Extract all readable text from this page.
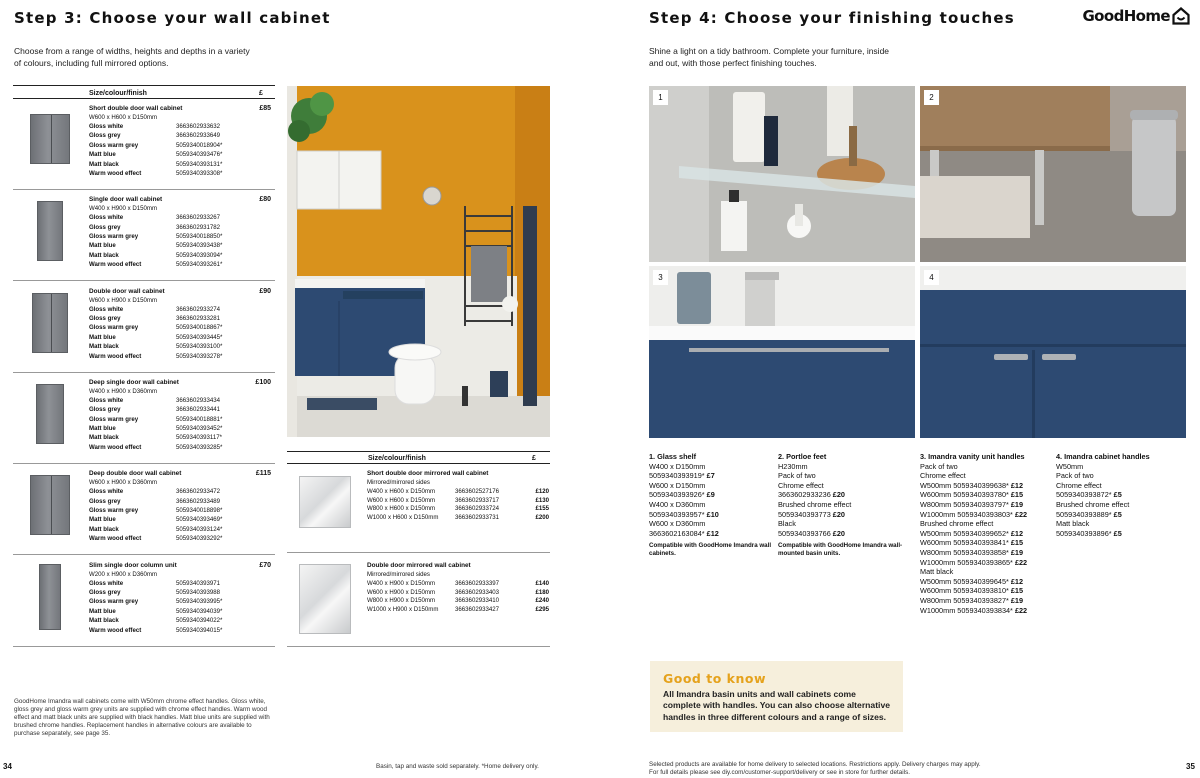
Step 3: Choose your wall cabinet
Choose from a range of widths, heights and depths in a variety of colours, including full mirrored options.
Size/colour/finish	£
Short double door wall cabinet
W600 x H600 x D150mm
£85
Gloss white	3663602933632
Gloss grey	3663602933649
Gloss warm grey	5059340018904*
Matt blue	5059340393476*
Matt black	5059340393131*
Warm wood effect	5059340393308*
Single door wall cabinet
W400 x H900 x D150mm
£80
Gloss white	3663602933267
Gloss grey	3663602931782
Gloss warm grey	5059340018850*
Matt blue	5059340393438*
Matt black	5059340393094*
Warm wood effect	5059340393261*
Double door wall cabinet
W600 x H900 x D150mm
£90
Gloss white	3663602933274
Gloss grey	3663602933281
Gloss warm grey	5059340018867*
Matt blue	5059340393445*
Matt black	5059340393100*
Warm wood effect	5059340393278*
Deep single door wall cabinet
W400 x H900 x D360mm
£100
Gloss white	3663602933434
Gloss grey	3663602933441
Gloss warm grey	5059340018881*
Matt blue	5059340393452*
Matt black	5059340393117*
Warm wood effect	5059340393285*
Deep double door wall cabinet
W600 x H900 x D360mm
£115
Gloss white	3663602933472
Gloss grey	3663602933489
Gloss warm grey	5059340018898*
Matt blue	5059340393469*
Matt black	5059340393124*
Warm wood effect	5059340393292*
Slim single door column unit
W200 x H900 x D360mm
£70
Gloss white	5059340393971
Gloss grey	5059340393988
Gloss warm grey	5059340393995*
Matt blue	5059340394039*
Matt black	5059340394022*
Warm wood effect	5059340394015*
Size/colour/finish	£
Short double door mirrored wall cabinet
Mirrored/mirrored sides
W400 x H600 x D150mm	3663602527176	£120
W600 x H600 x D150mm	3663602933717	£130
W800 x H600 x D150mm	3663602933724	£155
W1000 x H600 x D150mm	3663602933731	£200
Double door mirrored wall cabinet
Mirrored/mirrored sides
W400 x H900 x D150mm	3663602933397	£140
W600 x H900 x D150mm	3663602933403	£180
W800 x H900 x D150mm	3663602933410	£240
W1000 x H900 x D150mm	3663602933427	£295
GoodHome Imandra wall cabinets come with W50mm chrome effect handles. Gloss white, gloss grey and gloss warm grey units are supplied with chrome effect handles. Warm wood effect and matt black units are supplied with black handles. Matt blue units are supplied with brushed chrome handles. Replacement handles in alternative colours are available to purchase separately, see page 35.
34	Basin, tap and waste sold separately. *Home delivery only.
Step 4: Choose your finishing touches	GoodHome
Shine a light on a tidy bathroom. Complete your furniture, inside and out, with those perfect finishing touches.
1	2
3	4
1. Glass shelf
W400 x D150mm
5059340393919* £7
W600 x D150mm
5059340393926* £9
W400 x D360mm
5059340393957* £10
W600 x D360mm
3663602163084* £12
Compatible with GoodHome Imandra wall cabinets.
2. Portloe feet
H230mm
Pack of two
Chrome effect
3663602933236 £20
Brushed chrome effect
5059340393773 £20
Black
5059340393766 £20
Compatible with GoodHome Imandra wall-mounted basin units.
3. Imandra vanity unit handles
Pack of two
Chrome effect
W500mm 5059340399638* £12
W600mm 5059340393780* £15
W800mm 5059340393797* £19
W1000mm 5059340393803* £22
Brushed chrome effect
W500mm 5059340399652* £12
W600mm 5059340393841* £15
W800mm 5059340393858* £19
W1000mm 5059340393865* £22
Matt black
W500mm 5059340399645* £12
W600mm 5059340393810* £15
W800mm 5059340393827* £19
W1000mm 5059340393834* £22
4. Imandra cabinet handles
W50mm
Pack of two
Chrome effect
5059340393872* £5
Brushed chrome effect
5059340393889* £5
Matt black
5059340393896* £5
Good to know
All Imandra basin units and wall cabinets come complete with handles. You can also choose alternative handles in three different colours and a range of sizes.
Selected products are available for home delivery to selected locations. Restrictions apply. Delivery charges may apply.
For full details please see diy.com/customer-support/delivery or see in store for further details.
35
